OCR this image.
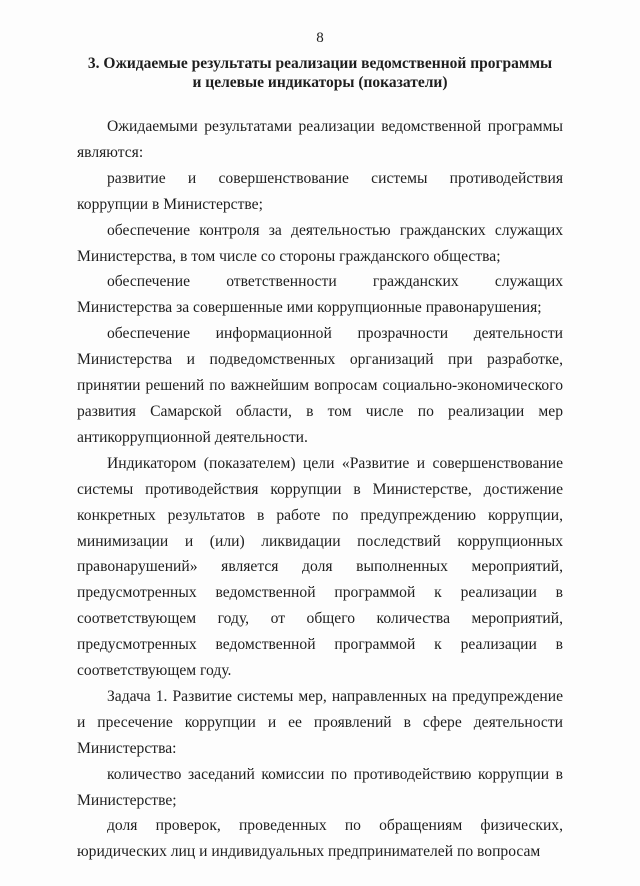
8
3. Ожидаемые результаты реализации ведомственной программы
и целевые индикаторы (показатели)

Ожидаемыми результатами реализации ведомственной программы являются:

развитие и совершенствование системы противодействия коррупции в Министерстве;

обеспечение контроля за деятельностью гражданских служащих Министерства, в том числе со стороны гражданского общества;

обеспечение ответственности гражданских служащих Министерства за совершенные ими коррупционные правонарушения;

обеспечение информационной прозрачности деятельности Министерства и подведомственных организаций при разработке, принятии решений по важнейшим вопросам социально-экономического развития Самарской области, в том числе по реализации мер антикоррупционной деятельности.

Индикатором (показателем) цели «Развитие и совершенствование системы противодействия коррупции в Министерстве, достижение конкретных результатов в работе по предупреждению коррупции, минимизации и (или) ликвидации последствий коррупционных правонарушений» является доля выполненных мероприятий, предусмотренных ведомственной программой к реализации в соответствующем году, от общего количества мероприятий, предусмотренных ведомственной программой к реализации в соответствующем году.

Задача 1. Развитие системы мер, направленных на предупреждение и пресечение коррупции и ее проявлений в сфере деятельности Министерства:

количество заседаний комиссии по противодействию коррупции в Министерстве;

доля проверок, проведенных по обращениям физических, юридических лиц и индивидуальных предпринимателей по вопросам
